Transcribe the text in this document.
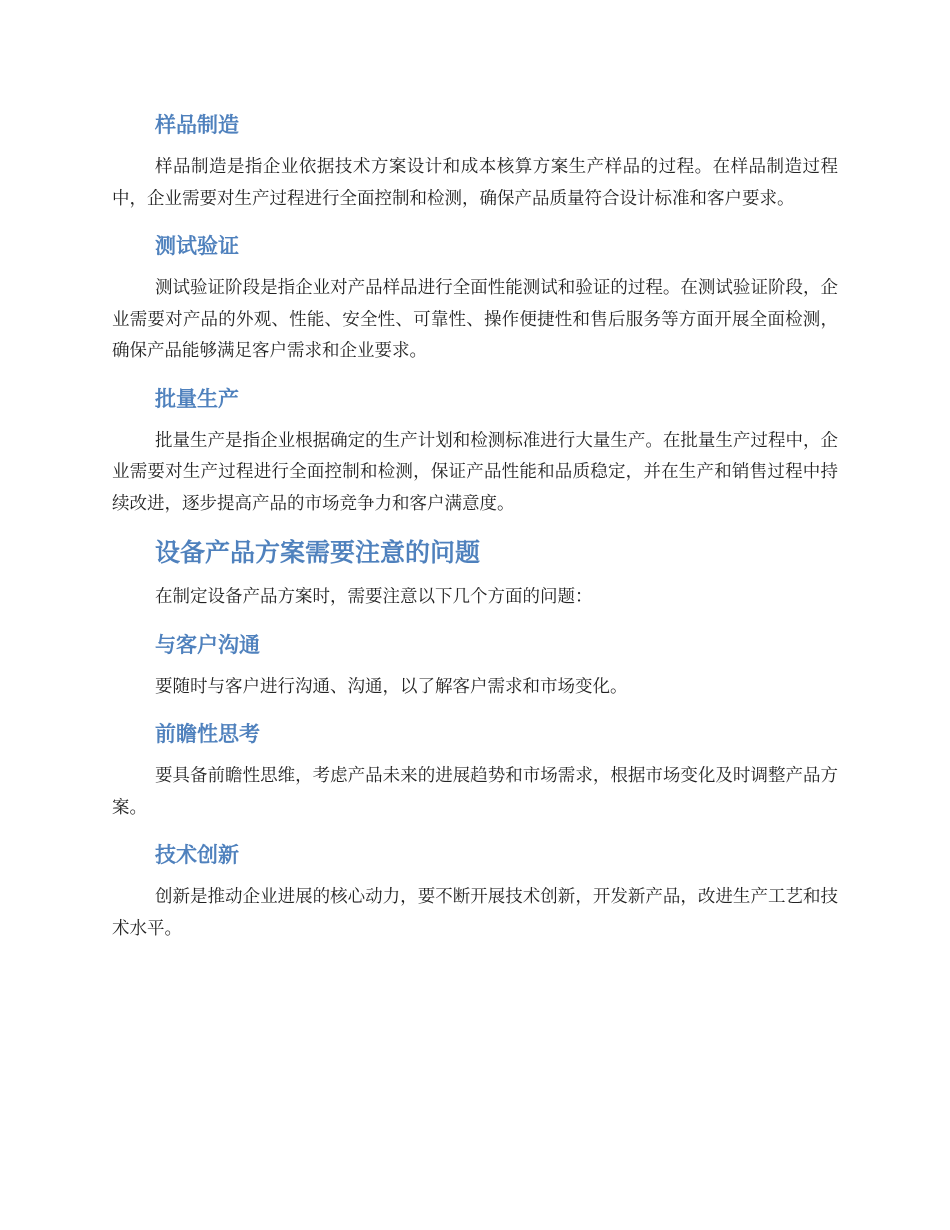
样品制造

样品制造是指企业依据技术方案设计和成本核算方案生产样品的过程。在样品制造过程中，企业需要对生产过程进行全面控制和检测，确保产品质量符合设计标准和客户要求。

测试验证

测试验证阶段是指企业对产品样品进行全面性能测试和验证的过程。在测试验证阶段，企业需要对产品的外观、性能、安全性、可靠性、操作便捷性和售后服务等方面开展全面检测，确保产品能够满足客户需求和企业要求。

批量生产

批量生产是指企业根据确定的生产计划和检测标准进行大量生产。在批量生产过程中，企业需要对生产过程进行全面控制和检测，保证产品性能和品质稳定，并在生产和销售过程中持续改进，逐步提高产品的市场竞争力和客户满意度。

设备产品方案需要注意的问题

在制定设备产品方案时，需要注意以下几个方面的问题：

与客户沟通

要随时与客户进行沟通、沟通，以了解客户需求和市场变化。

前瞻性思考

要具备前瞻性思维，考虑产品未来的进展趋势和市场需求，根据市场变化及时调整产品方案。

技术创新

创新是推动企业进展的核心动力，要不断开展技术创新，开发新产品，改进生产工艺和技术水平。
